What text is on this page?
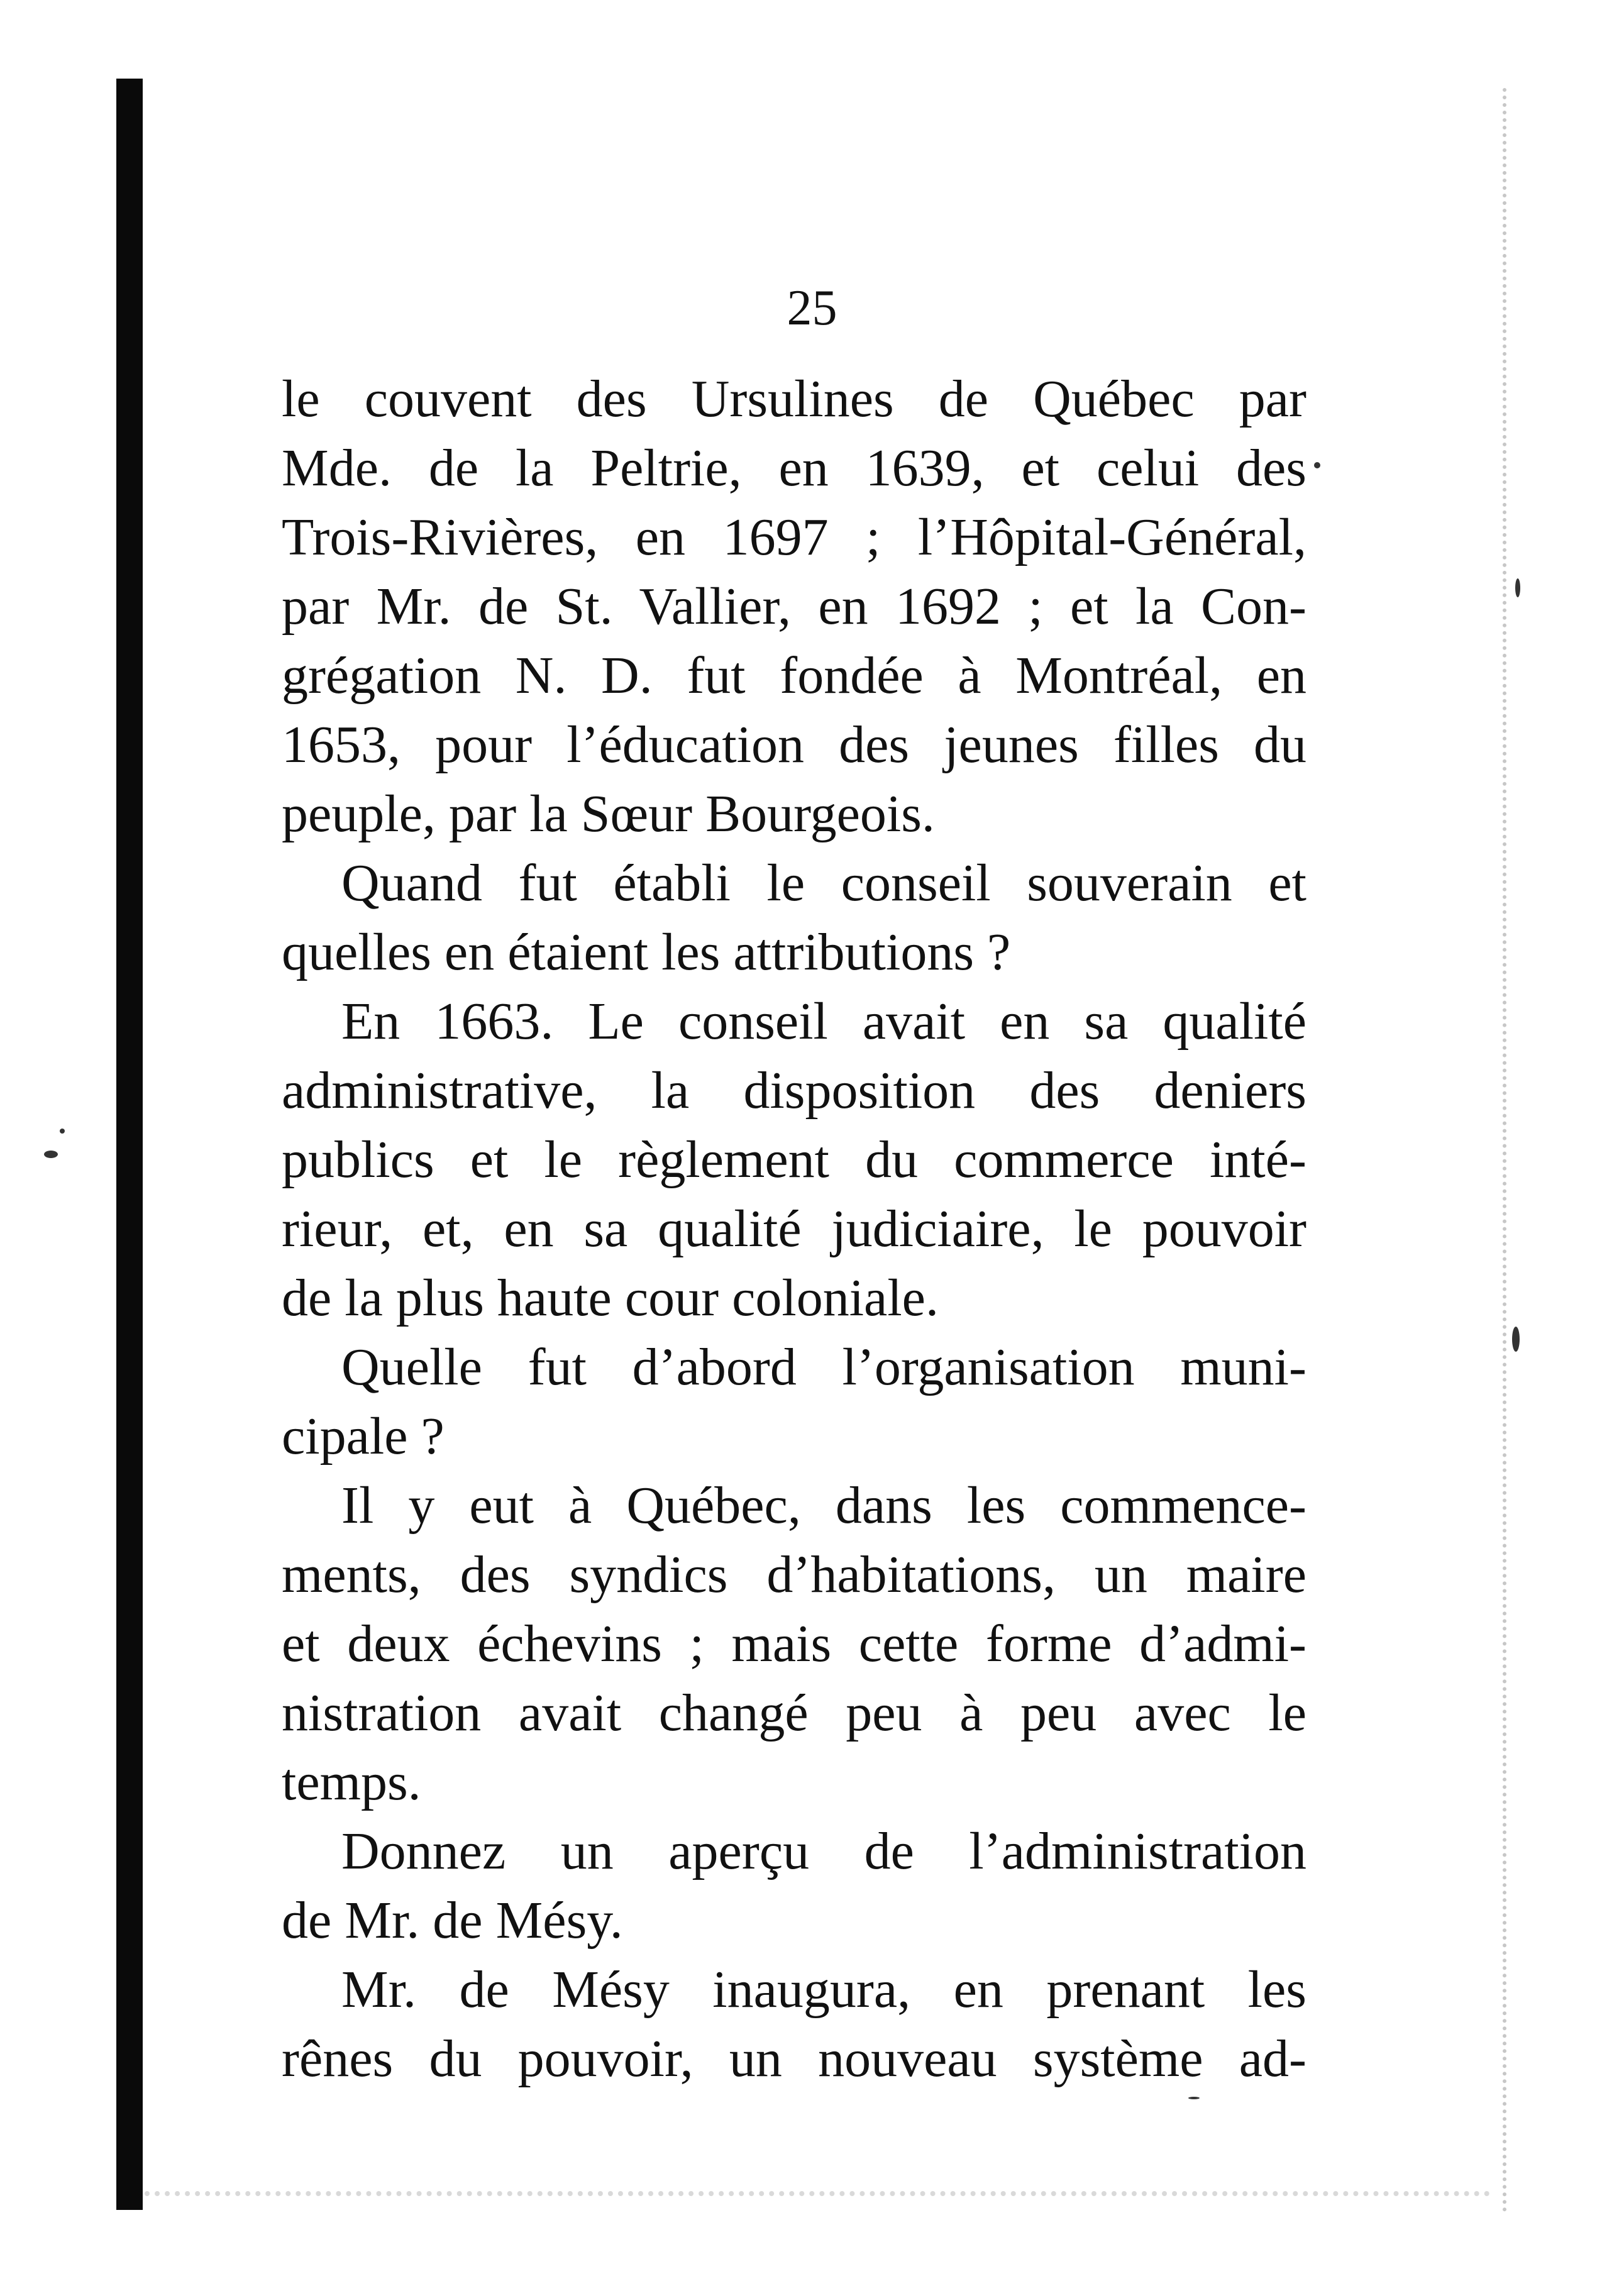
25

le couvent des Ursulines de Québec par
Mde. de la Peltrie, en 1639, et celui des
Trois-Rivières, en 1697 ; l’Hôpital-Général,
par Mr. de St. Vallier, en 1692 ; et la Con-
grégation N. D. fut fondée à Montréal, en
1653, pour l’éducation des jeunes filles du
peuple, par la Sœur Bourgeois.
Quand fut établi le conseil souverain et
quelles en étaient les attributions ?
En 1663. Le conseil avait en sa qualité
administrative, la disposition des deniers
publics et le règlement du commerce inté-
rieur, et, en sa qualité judiciaire, le pouvoir
de la plus haute cour coloniale.
Quelle fut d’abord l’organisation muni-
cipale ?
Il y eut à Québec, dans les commence-
ments, des syndics d’habitations, un maire
et deux échevins ; mais cette forme d’admi-
nistration avait changé peu à peu avec le
temps.
Donnez un aperçu de l’administration
de Mr. de Mésy.
Mr. de Mésy inaugura, en prenant les
rênes du pouvoir, un nouveau système ad-
